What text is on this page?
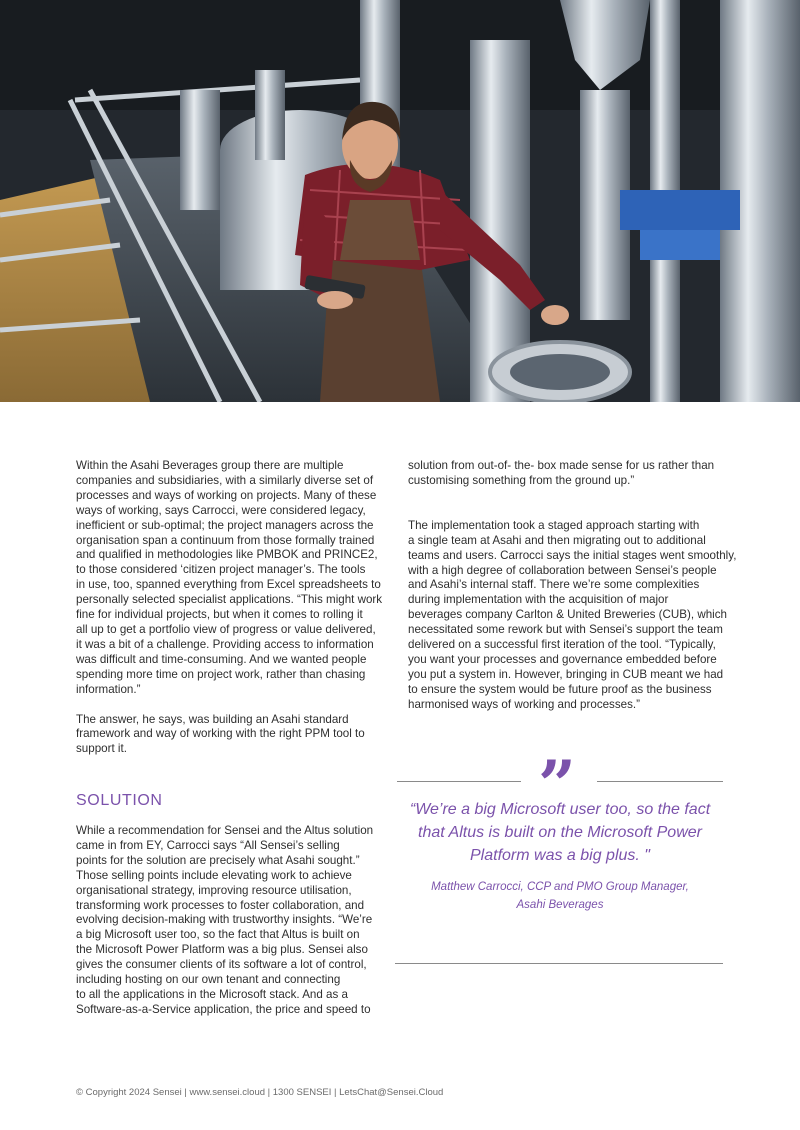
Within the Asahi Beverages group there are multiple
companies and subsidiaries, with a similarly diverse set of
processes and ways of working on projects. Many of these
ways of working, says Carrocci, were considered legacy,
inefficient or sub-optimal; the project managers across the
organisation span a continuum from those formally trained
and qualified in methodologies like PMBOK and PRINCE2,
to those considered ‘citizen project manager’s. The tools
in use, too, spanned everything from Excel spreadsheets to
personally selected specialist applications. “This might work
fine for individual projects, but when it comes to rolling it
all up to get a portfolio view of progress or value delivered,
it was a bit of a challenge. Providing access to information
was difficult and time-consuming. And we wanted people
spending more time on project work, rather than chasing
information.”

The answer, he says, was building an Asahi standard
framework and way of working with the right PPM tool to
support it.

SOLUTION

While a recommendation for Sensei and the Altus solution
came in from EY, Carrocci says “All Sensei’s selling
points for the solution are precisely what Asahi sought.”
Those selling points include elevating work to achieve
organisational strategy, improving resource utilisation,
transforming work processes to foster collaboration, and
evolving decision-making with trustworthy insights. “We’re
a big Microsoft user too, so the fact that Altus is built on
the Microsoft Power Platform was a big plus. Sensei also
gives the consumer clients of its software a lot of control,
including hosting on our own tenant and connecting
to all the applications in the Microsoft stack. And as a
Software-as-a-Service application, the price and speed to

solution from out-of- the- box made sense for us rather than
customising something from the ground up.”

The implementation took a staged approach starting with
a single team at Asahi and then migrating out to additional
teams and users. Carrocci says the initial stages went smoothly,
with a high degree of collaboration between Sensei’s people
and Asahi’s internal staff. There we’re some complexities
during implementation with the acquisition of major
beverages company Carlton & United Breweries (CUB), which
necessitated some rework but with Sensei’s support the team
delivered on a successful first iteration of the tool. “Typically,
you want your processes and governance embedded before
you put a system in. However, bringing in CUB meant we had
to ensure the system would be future proof as the business
harmonised ways of working and processes.”

”

“We’re a big Microsoft user too, so the fact
that Altus is built on the Microsoft Power
Platform was a big plus. "

Matthew Carrocci, CCP and PMO Group Manager,
Asahi Beverages

© Copyright 2024 Sensei | www.sensei.cloud | 1300 SENSEI | LetsChat@Sensei.Cloud
